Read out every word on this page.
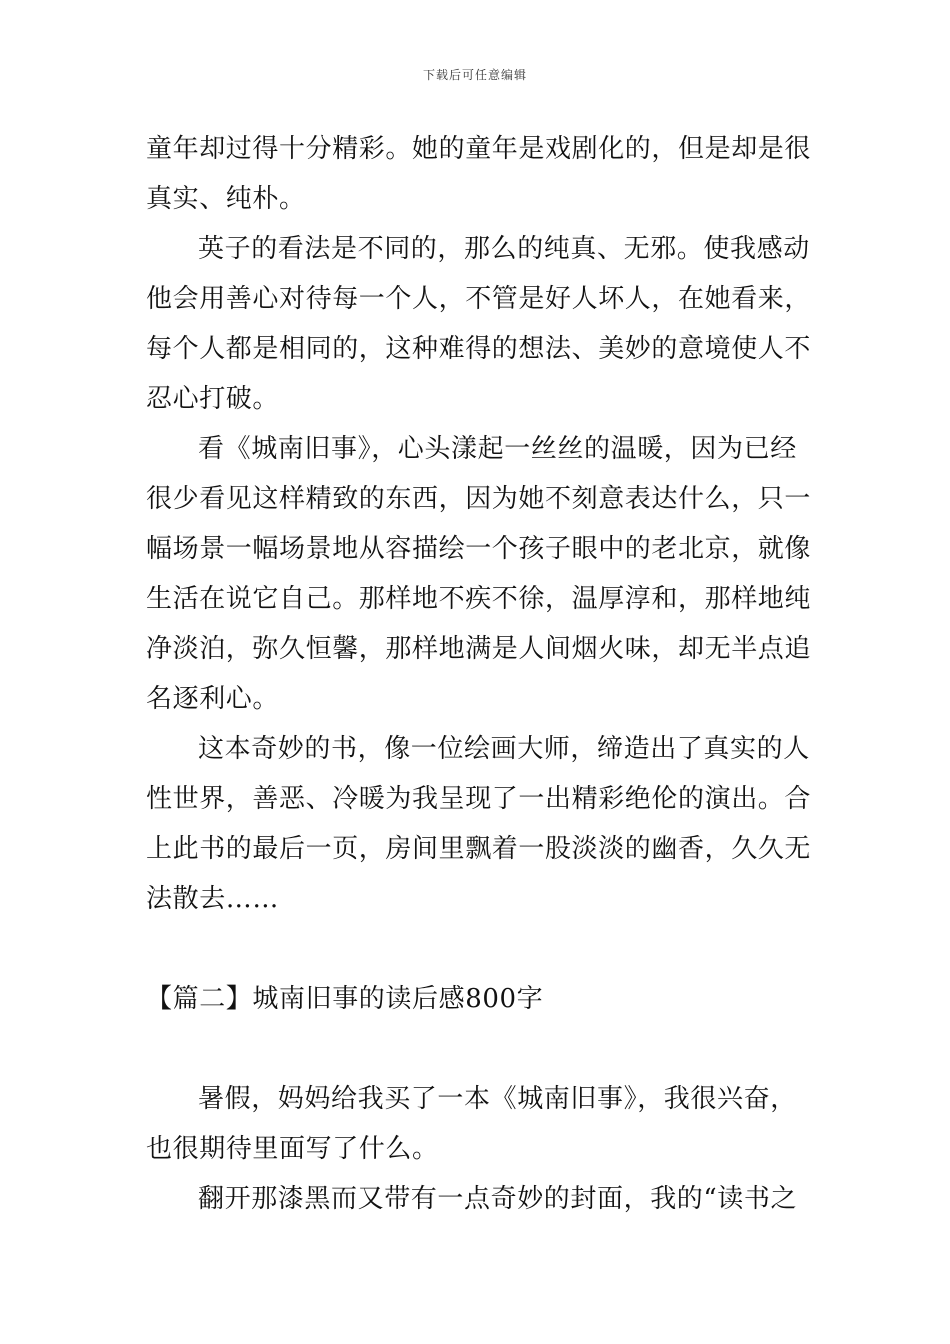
下载后可任意编辑
童年却过得十分精彩。她的童年是戏剧化的，但是却是很
真实、纯朴。
英子的看法是不同的，那么的纯真、无邪。使我感动
他会用善心对待每一个人，不管是好人坏人，在她看来，
每个人都是相同的，这种难得的想法、美妙的意境使人不
忍心打破。
看《城南旧事》，心头漾起一丝丝的温暖，因为已经
很少看见这样精致的东西，因为她不刻意表达什么，只一
幅场景一幅场景地从容描绘一个孩子眼中的老北京，就像
生活在说它自己。那样地不疾不徐，温厚淳和，那样地纯
净淡泊，弥久恒馨，那样地满是人间烟火味，却无半点追
名逐利心。
这本奇妙的书，像一位绘画大师，缔造出了真实的人
性世界，善恶、冷暖为我呈现了一出精彩绝伦的演出。合
上此书的最后一页，房间里飘着一股淡淡的幽香，久久无
法散去……
【篇二】城南旧事的读后感800字
暑假，妈妈给我买了一本《城南旧事》，我很兴奋，
也很期待里面写了什么。
翻开那漆黑而又带有一点奇妙的封面，我的“读书之
